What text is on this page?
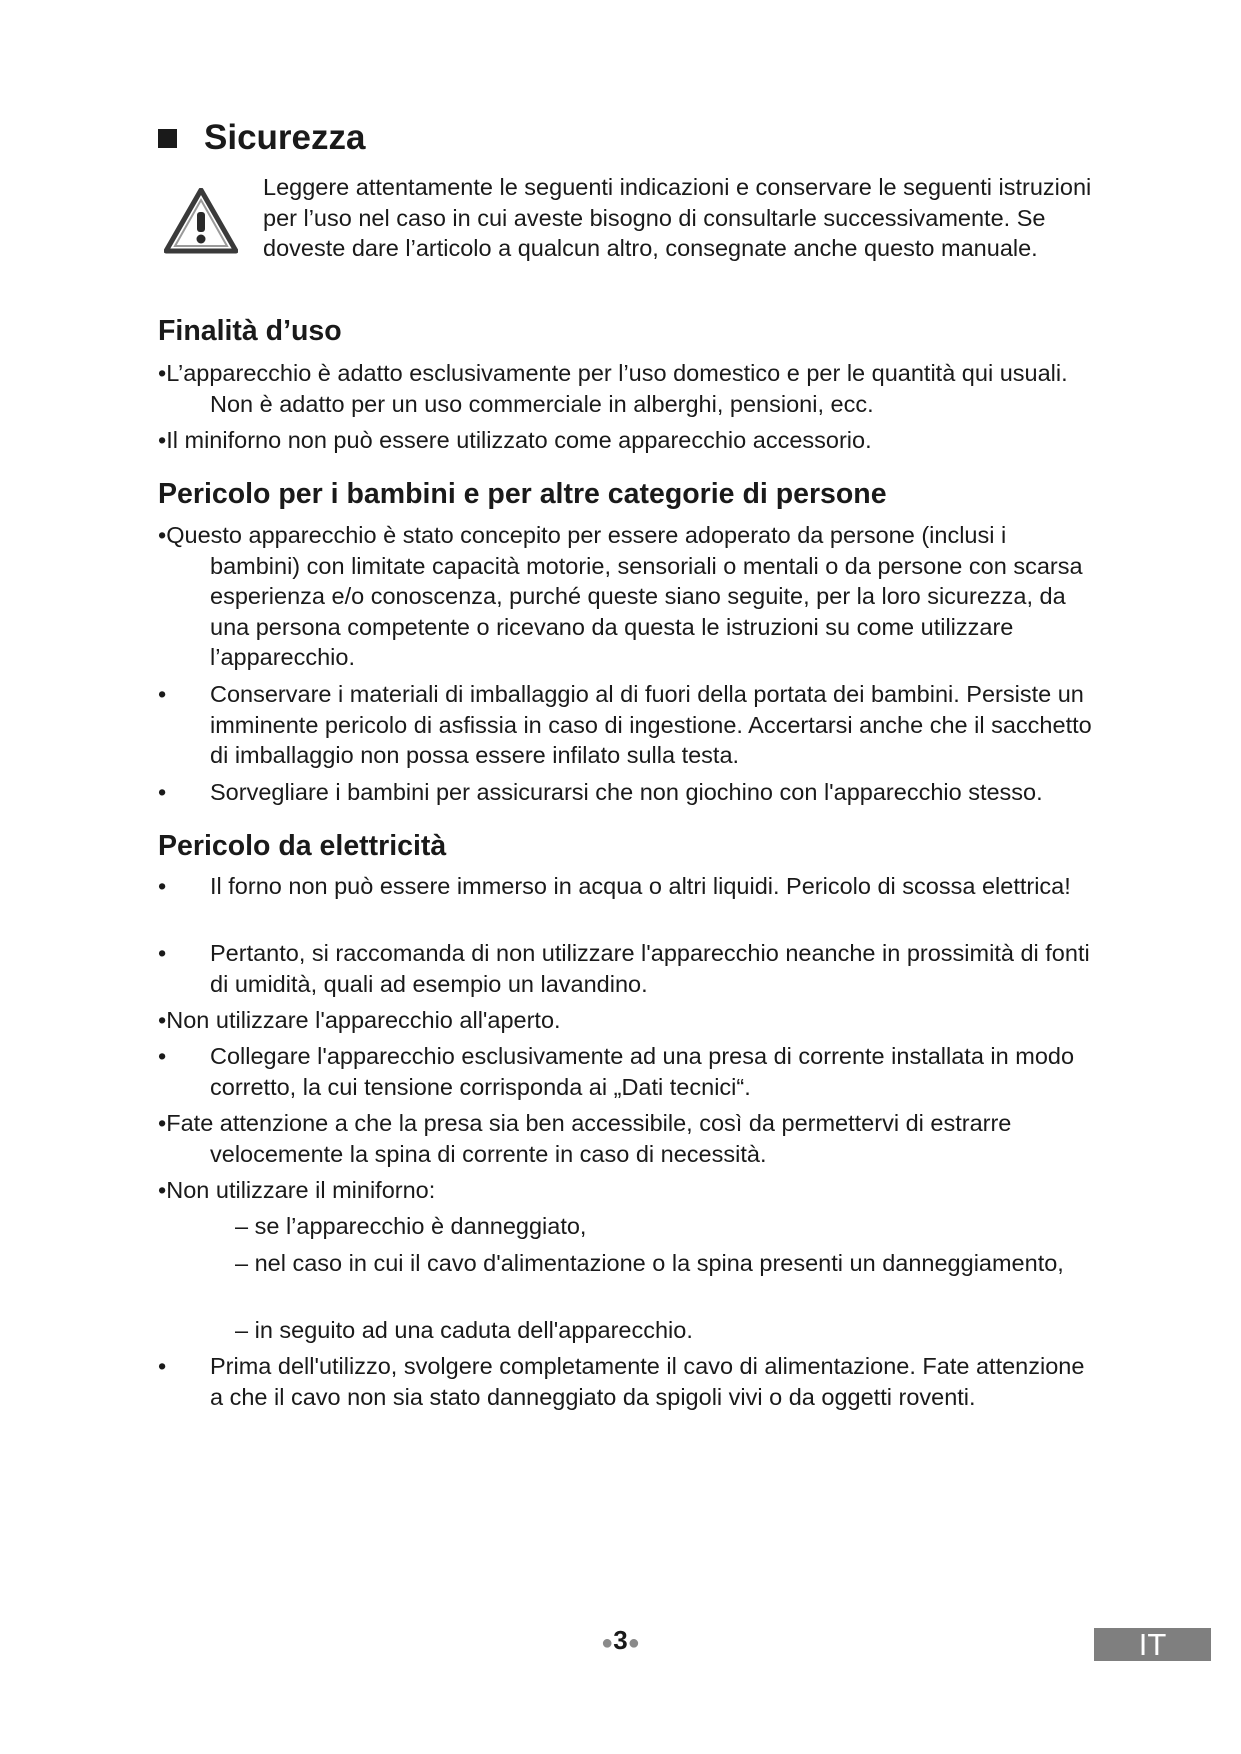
Sicurezza
Leggere attentamente le seguenti indicazioni e conservare le seguenti istruzioni per l’uso nel caso in cui aveste bisogno di consultarle successivamente. Se doveste dare l’articolo a qualcun altro, consegnate anche questo manuale.
Finalità d’uso
•L’apparecchio è adatto esclusivamente per l’uso domestico e per le quantità qui usuali. Non è adatto per un uso commerciale in alberghi, pensioni, ecc.
•Il miniforno non può essere utilizzato come apparecchio accessorio.
Pericolo per i bambini e per altre categorie di persone
•Questo apparecchio è stato concepito per essere adoperato da persone (inclusi i bambini) con limitate capacità motorie, sensoriali o mentali o da persone con scarsa esperienza e/o conoscenza, purché queste siano seguite, per la loro sicurezza, da una persona competente o ricevano da questa le istruzioni su come utilizzare l’apparecchio.
•	Conservare i materiali di imballaggio al di fuori della portata dei bambini. Persiste un imminente pericolo di asfissia in caso di ingestione. Accertarsi anche che il sacchetto di imballaggio non possa essere infilato sulla testa.
•	Sorvegliare i bambini per assicurarsi che non giochino con l'apparecchio stesso.
Pericolo da elettricità
•	Il forno non può essere immerso in acqua o altri liquidi. Pericolo di scossa elettrica!
•	Pertanto, si raccomanda di non utilizzare l'apparecchio neanche in prossimità di fonti di umidità, quali ad esempio un lavandino.
•Non utilizzare l'apparecchio all'aperto.
•	Collegare l'apparecchio esclusivamente ad una presa di corrente installata in modo corretto, la cui tensione corrisponda ai „Dati tecnici“.
•Fate attenzione a che la presa sia ben accessibile, così da permettervi di estrarre velocemente la spina di corrente in caso di necessità.
•Non utilizzare il miniforno:
– se l’apparecchio è danneggiato,
– nel caso in cui il cavo d'alimentazione o la spina presenti un danneggiamento,
– in seguito ad una caduta dell'apparecchio.
•	Prima dell'utilizzo, svolgere completamente il cavo di alimentazione. Fate attenzione a che il cavo non sia stato danneggiato da spigoli vivi o da oggetti roventi.
●3●	IT
